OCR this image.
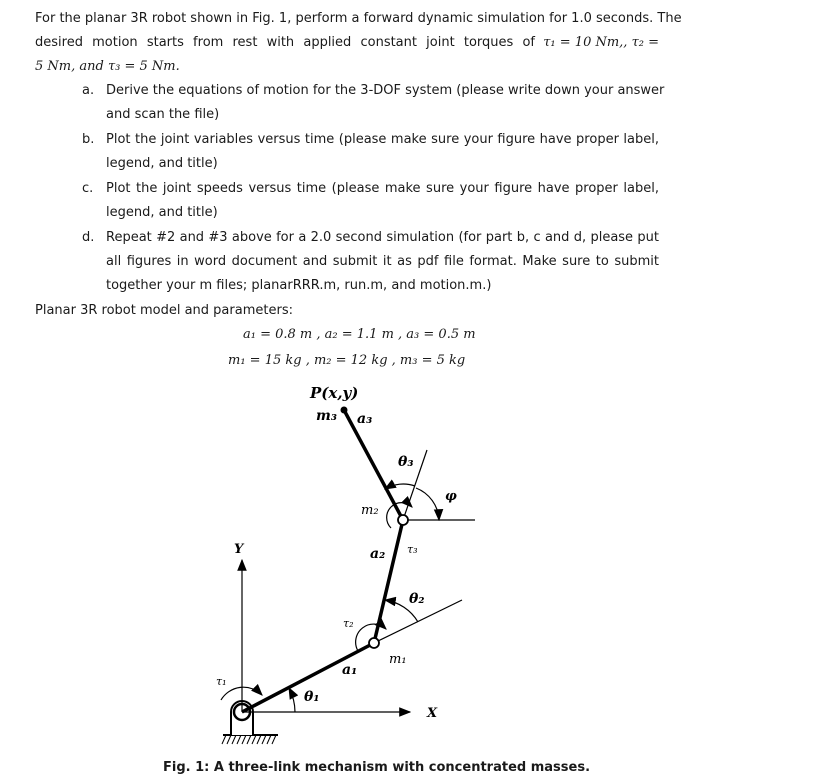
For the planar 3R robot shown in Fig. 1, perform a forward dynamic simulation for 1.0 seconds. The
desired motion starts from rest with applied constant joint torques of τ₁ = 10 Nm,, τ₂ =
5 Nm, and τ₃ = 5 Nm.
a. Derive the equations of motion for the 3-DOF system (please write down your answer
and scan the file)
b. Plot the joint variables versus time (please make sure your figure have proper label,
legend, and title)
c. Plot the joint speeds versus time (please make sure your figure have proper label,
legend, and title)
d. Repeat #2 and #3 above for a 2.0 second simulation (for part b, c and d, please put
all figures in word document and submit it as pdf file format. Make sure to submit
together your m files; planarRRR.m, run.m, and motion.m.)
Planar 3R robot model and parameters:
a₁ = 0.8 m , a₂ = 1.1 m , a₃ = 0.5 m
m₁ = 15 kg , m₂ = 12 kg , m₃ = 5 kg
P(x,y)
m₃ a₃
θ₃
φ
m₂
Y	a₂ τ₃
θ₂
τ₂
m₁
a₁
τ₁
θ₁
X
Fig. 1: A three-link mechanism with concentrated masses.
